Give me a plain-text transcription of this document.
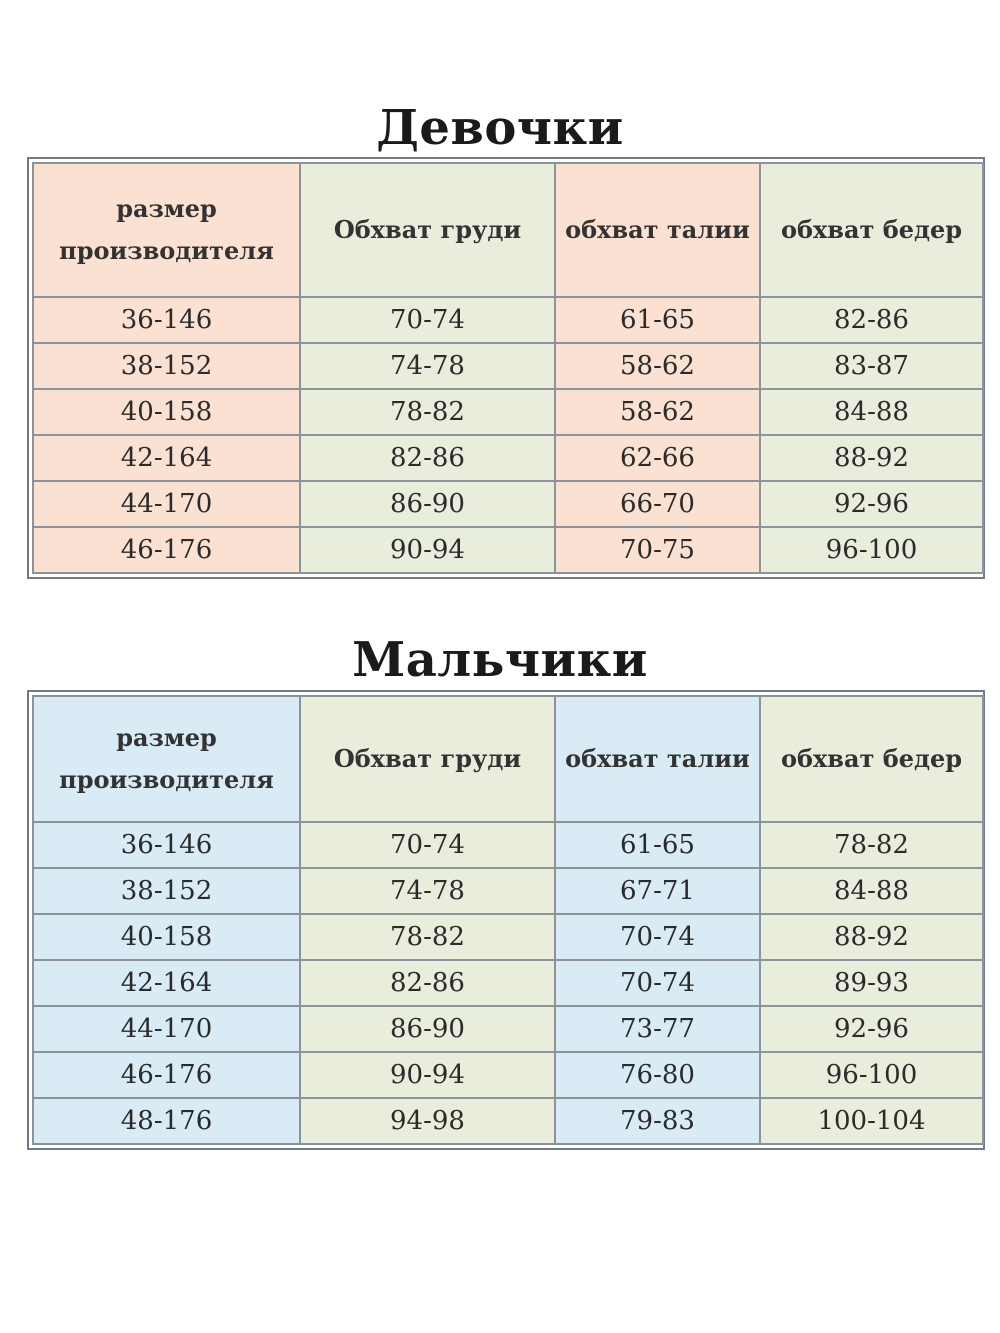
Девочки
размер производителя	Обхват груди	обхват талии	обхват бедер
36-146	70-74	61-65	82-86
38-152	74-78	58-62	83-87
40-158	78-82	58-62	84-88
42-164	82-86	62-66	88-92
44-170	86-90	66-70	92-96
46-176	90-94	70-75	96-100
Мальчики
размер производителя	Обхват груди	обхват талии	обхват бедер
36-146	70-74	61-65	78-82
38-152	74-78	67-71	84-88
40-158	78-82	70-74	88-92
42-164	82-86	70-74	89-93
44-170	86-90	73-77	92-96
46-176	90-94	76-80	96-100
48-176	94-98	79-83	100-104
